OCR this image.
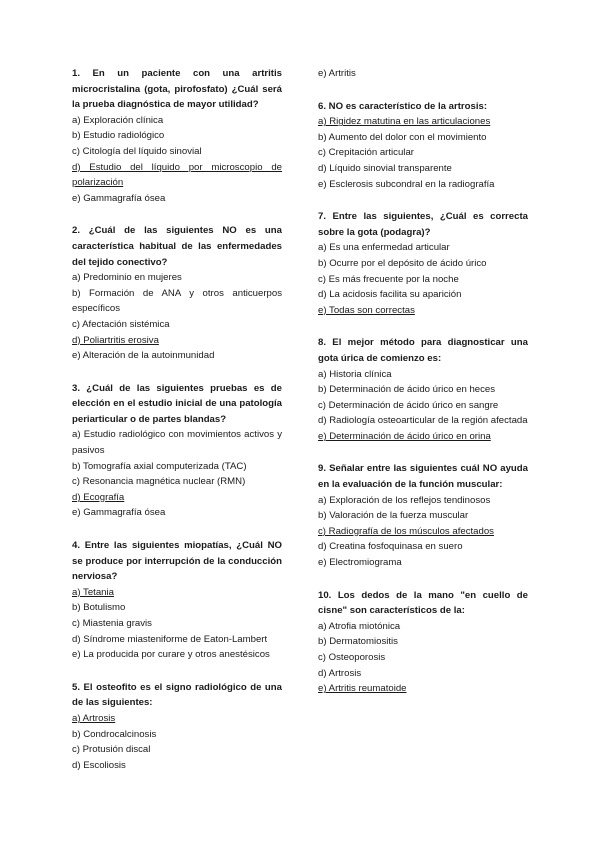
1. En un paciente con una artritis microcristalina (gota, pirofosfato) ¿Cuál será la prueba diagnóstica de mayor utilidad?
a) Exploración clínica
b) Estudio radiológico
c) Citología del líquido sinovial
d) Estudio del líquido por microscopio de polarización
e) Gammagrafía ósea
2. ¿Cuál de las siguientes NO es una característica habitual de las enfermedades del tejido conectivo?
a) Predominio en mujeres
b) Formación de ANA y otros anticuerpos específicos
c) Afectación sistémica
d) Poliartritis erosiva
e) Alteración de la autoinmunidad
3. ¿Cuál de las siguientes pruebas es de elección en el estudio inicial de una patología periarticular o de partes blandas?
a) Estudio radiológico con movimientos activos y pasivos
b) Tomografía axial computerizada (TAC)
c) Resonancia magnética nuclear (RMN)
d) Ecografía
e) Gammagrafía ósea
4. Entre las siguientes miopatías, ¿Cuál NO se produce por interrupción de la conducción nerviosa?
a) Tetania
b) Botulismo
c) Miastenia gravis
d) Síndrome miasteniforme de Eaton-Lambert
e) La producida por curare y otros anestésicos
5. El osteofito es el signo radiológico de una de las siguientes:
a) Artrosis
b) Condrocalcinosis
c) Protusión discal
d) Escoliosis
e) Artritis
6. NO es característico de la artrosis:
a) Rigidez matutina en las articulaciones
b) Aumento del dolor con el movimiento
c) Crepitación articular
d) Líquido sinovial transparente
e) Esclerosis subcondral en la radiografía
7. Entre las siguientes, ¿Cuál es correcta sobre la gota (podagra)?
a) Es una enfermedad articular
b) Ocurre por el depósito de ácido úrico
c) Es más frecuente por la noche
d) La acidosis facilita su aparición
e) Todas son correctas
8. El mejor método para diagnosticar una gota úrica de comienzo es:
a) Historia clínica
b) Determinación de ácido úrico en heces
c) Determinación de ácido úrico en sangre
d) Radiología osteoarticular de la región afectada
e) Determinación de ácido úrico en orina
9. Señalar entre las siguientes cuál NO ayuda en la evaluación de la función muscular:
a) Exploración de los reflejos tendinosos
b) Valoración de la fuerza muscular
c) Radiografía de los músculos afectados
d) Creatina fosfoquinasa en suero
e) Electromiograma
10. Los dedos de la mano "en cuello de cisne" son característicos de la:
a) Atrofia miotónica
b) Dermatomiositis
c) Osteoporosis
d) Artrosis
e) Artritis reumatoide
